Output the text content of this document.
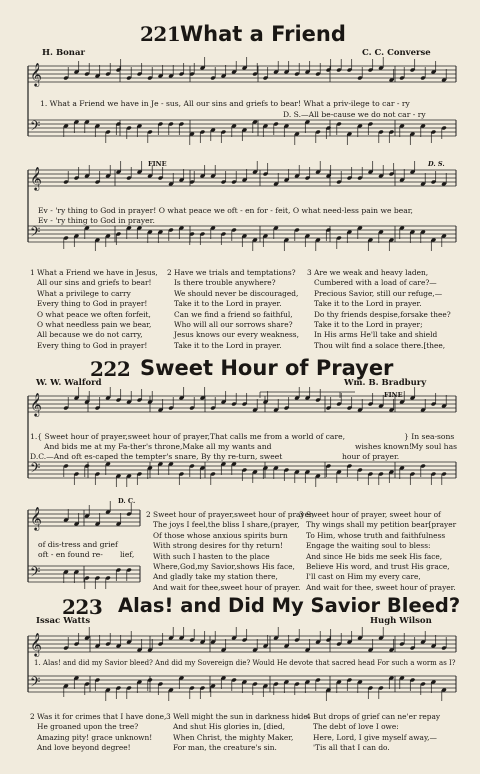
𝄞
𝄢
𝄞
𝄢
𝄞
𝄢
𝄞
𝄢
𝄞
𝄢
221 What a Friend
H. Bonar	C. C. Converse
1. What a Friend we have in Je - sus, All our sins and griefs to bear! What a priv-ilege to car - ry
D. S.—All be-cause we do not car - ry
FINE	D. S.
Ev - 'ry thing to God in prayer! O what peace we oft - en for - feit, O what need-less pain we bear,
Ev - 'ry thing to God in prayer.
1 What a Friend we have in Jesus,
All our sins and griefs to bear!
What a privilege to carry
Every thing to God in prayer!
O what peace we often forfeit,
O what needless pain we bear,
All because we do not carry,
Every thing to God in prayer!
2 Have we trials and temptations?
Is there trouble anywhere?
We should never be discouraged,
Take it to the Lord in prayer.
Can we find a friend so faithful,
Who will all our sorrows share?
Jesus knows our every weakness,
Take it to the Lord in prayer.
3 Are we weak and heavy laden,
Cumbered with a load of care?—
Precious Savior, still our refuge,—
Take it to the Lord in prayer.
Do thy friends despise,forsake thee?
Take it to the Lord in prayer;
In His arms He'll take and shield
Thou wilt find a solace there.[thee,
222 Sweet Hour of Prayer
W. W. Walford	Wm. B. Bradbury
FINE
1.{ Sweet hour of prayer,sweet hour of prayer,That calls me from a world of care,
And bids me at my Fa-ther's throne,Make all my wants and	wishes known!
} In sea-sons
My soul has
D.C.—And oft es-caped the tempter's snare, By thy re-turn, sweet	hour of prayer.
D. C.
of dis-tress and grief
oft - en found re- lief,
2 Sweet hour of prayer,sweet hour of prayer,
The joys I feel,the bliss I share,(prayer,
Of those whose anxious spirits burn
With strong desires for thy return!
With such I hasten to the place
Where,God,my Savior,shows His face,
And gladly take my station there,
And wait for thee,sweet hour of prayer.
3 Sweet hour of prayer, sweet hour of
Thy wings shall my petition bear[prayer
To Him, whose truth and faithfulness
Engage the waiting soul to bless:
And since He bids me seek His face,
Believe His word, and trust His grace,
I'll cast on Him my every care,
And wait for thee, sweet hour of prayer.
223 Alas! and Did My Savior Bleed?
Issac Watts	Hugh Wilson
1. Alas! and did my Savior bleed? And did my Sovereign die? Would He devote that sacred head For such a worm as I?
2 Was it for crimes that I have done,
He groaned upon the tree?
Amazing pity! grace unknown!
And love beyond degree!
3 Well might the sun in darkness hide
And shut His glories in, [died,
When Christ, the mighty Maker,
For man, the creature's sin.
4 But drops of grief can ne'er repay
The debt of love I owe:
Here, Lord, I give myself away,—
'Tis all that I can do.
